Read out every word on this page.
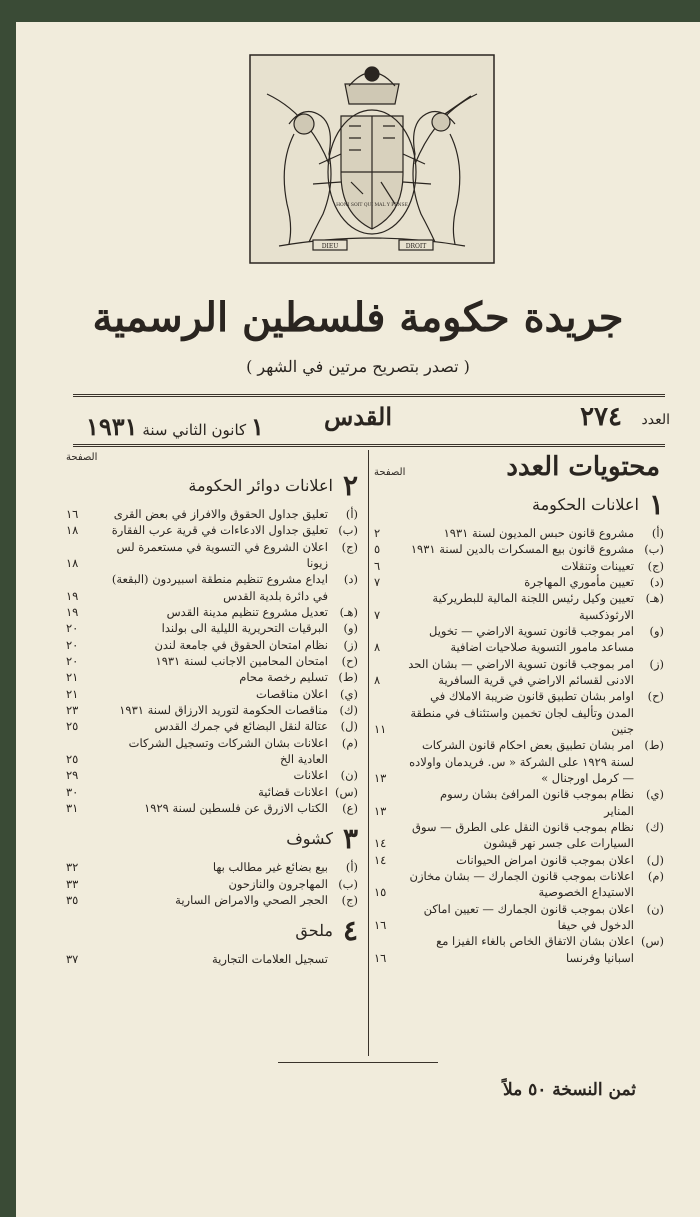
DIEU	DROIT
HONI SOIT QUI MAL Y PENSE
جريدة حكومة فلسطين الرسمية
( تصدر بتصريح مرتين في الشهر )
العدد
٢٧٤
القدس
١ كانون الثاني سنة ١٩٣١
محتويات العدد
الصفحة
١
اعلانات الحكومة
(أ)
مشروع قانون حبس المديون لسنة ١٩٣١
٢
(ب)
مشروع قانون بيع المسكرات بالدين لسنة ١٩٣١
٥
(ج)
تعيينات وتنقلات
٦
(د)
تعيين مأموري المهاجرة
٧
(هـ)
تعيين وكيل رئيس اللجنة المالية للبطريركية الارثوذكسية
٧
(و)
امر بموجب قانون تسوية الاراضي — تخويل مساعد مامور التسوية صلاحيات اضافية
٨
(ز)
امر بموجب قانون تسوية الاراضي — بشان الحد الادنى لقسائم الاراضي في قرية السافرية
٨
(ح)
اوامر بشان تطبيق قانون ضريبة الاملاك في المدن وتأليف لجان تخمين واستئناف في منطقة جنين
١١
(ط)
امر بشان تطبيق بعض احكام قانون الشركات لسنة ١٩٢٩ على الشركة « س. فريدمان واولاده — كرمل اورجنال »
١٣
(ي)
نظام بموجب قانون المرافئ بشان رسوم المناير
١٣
(ك)
نظام بموجب قانون النقل على الطرق — سوق السيارات على جسر نهر قيشون
١٤
(ل)
اعلان بموجب قانون امراض الحيوانات
١٤
(م)
اعلانات بموجب قانون الجمارك — بشان مخازن الاستيداع الخصوصية
١٥
(ن)
اعلان بموجب قانون الجمارك — تعيين اماكن الدخول في حيفا
١٦
(س)
اعلان بشان الاتفاق الخاص بالغاء الفيزا مع اسبانيا وفرنسا
١٦
الصفحة
٢
اعلانات دوائر الحكومة
(أ)
تعليق جداول الحقوق والافراز في بعض القرى
١٦
(ب)
تعليق جداول الادعاءات في قرية عرب الفقارة
١٨
(ج)
اعلان الشروع في التسوية في مستعمرة لس زيونا
١٨
(د)
ايداع مشروع تنظيم منطقة اسبيردون (البقعة) في دائرة بلدية القدس
١٩
(هـ)
تعديل مشروع تنظيم مدينة القدس
١٩
(و)
البرقيات التحريرية الليلية الى بولندا
٢٠
(ز)
نظام امتحان الحقوق في جامعة لندن
٢٠
(ح)
امتحان المحامين الاجانب لسنة ١٩٣١
٢٠
(ط)
تسليم رخصة محام
٢١
(ي)
اعلان مناقصات
٢١
(ك)
مناقصات الحكومة لتوريد الارزاق لسنة ١٩٣١
٢٣
(ل)
عتالة لنقل البضائع في جمرك القدس
٢٥
(م)
اعلانات بشان الشركات وتسجيل الشركات العادية الخ
٢٥
(ن)
اعلانات
٢٩
(س)
اعلانات قضائية
٣٠
(ع)
الكتاب الازرق عن فلسطين لسنة ١٩٢٩
٣١
٣
كشوف
(أ)
بيع بضائع غير مطالب بها
٣٢
(ب)
المهاجرون والنازحون
٣٣
(ج)
الحجر الصحي والامراض السارية
٣٥
٤
ملحق
تسجيل العلامات التجارية
٣٧
ثمن النسخة ٥٠ ملاً
